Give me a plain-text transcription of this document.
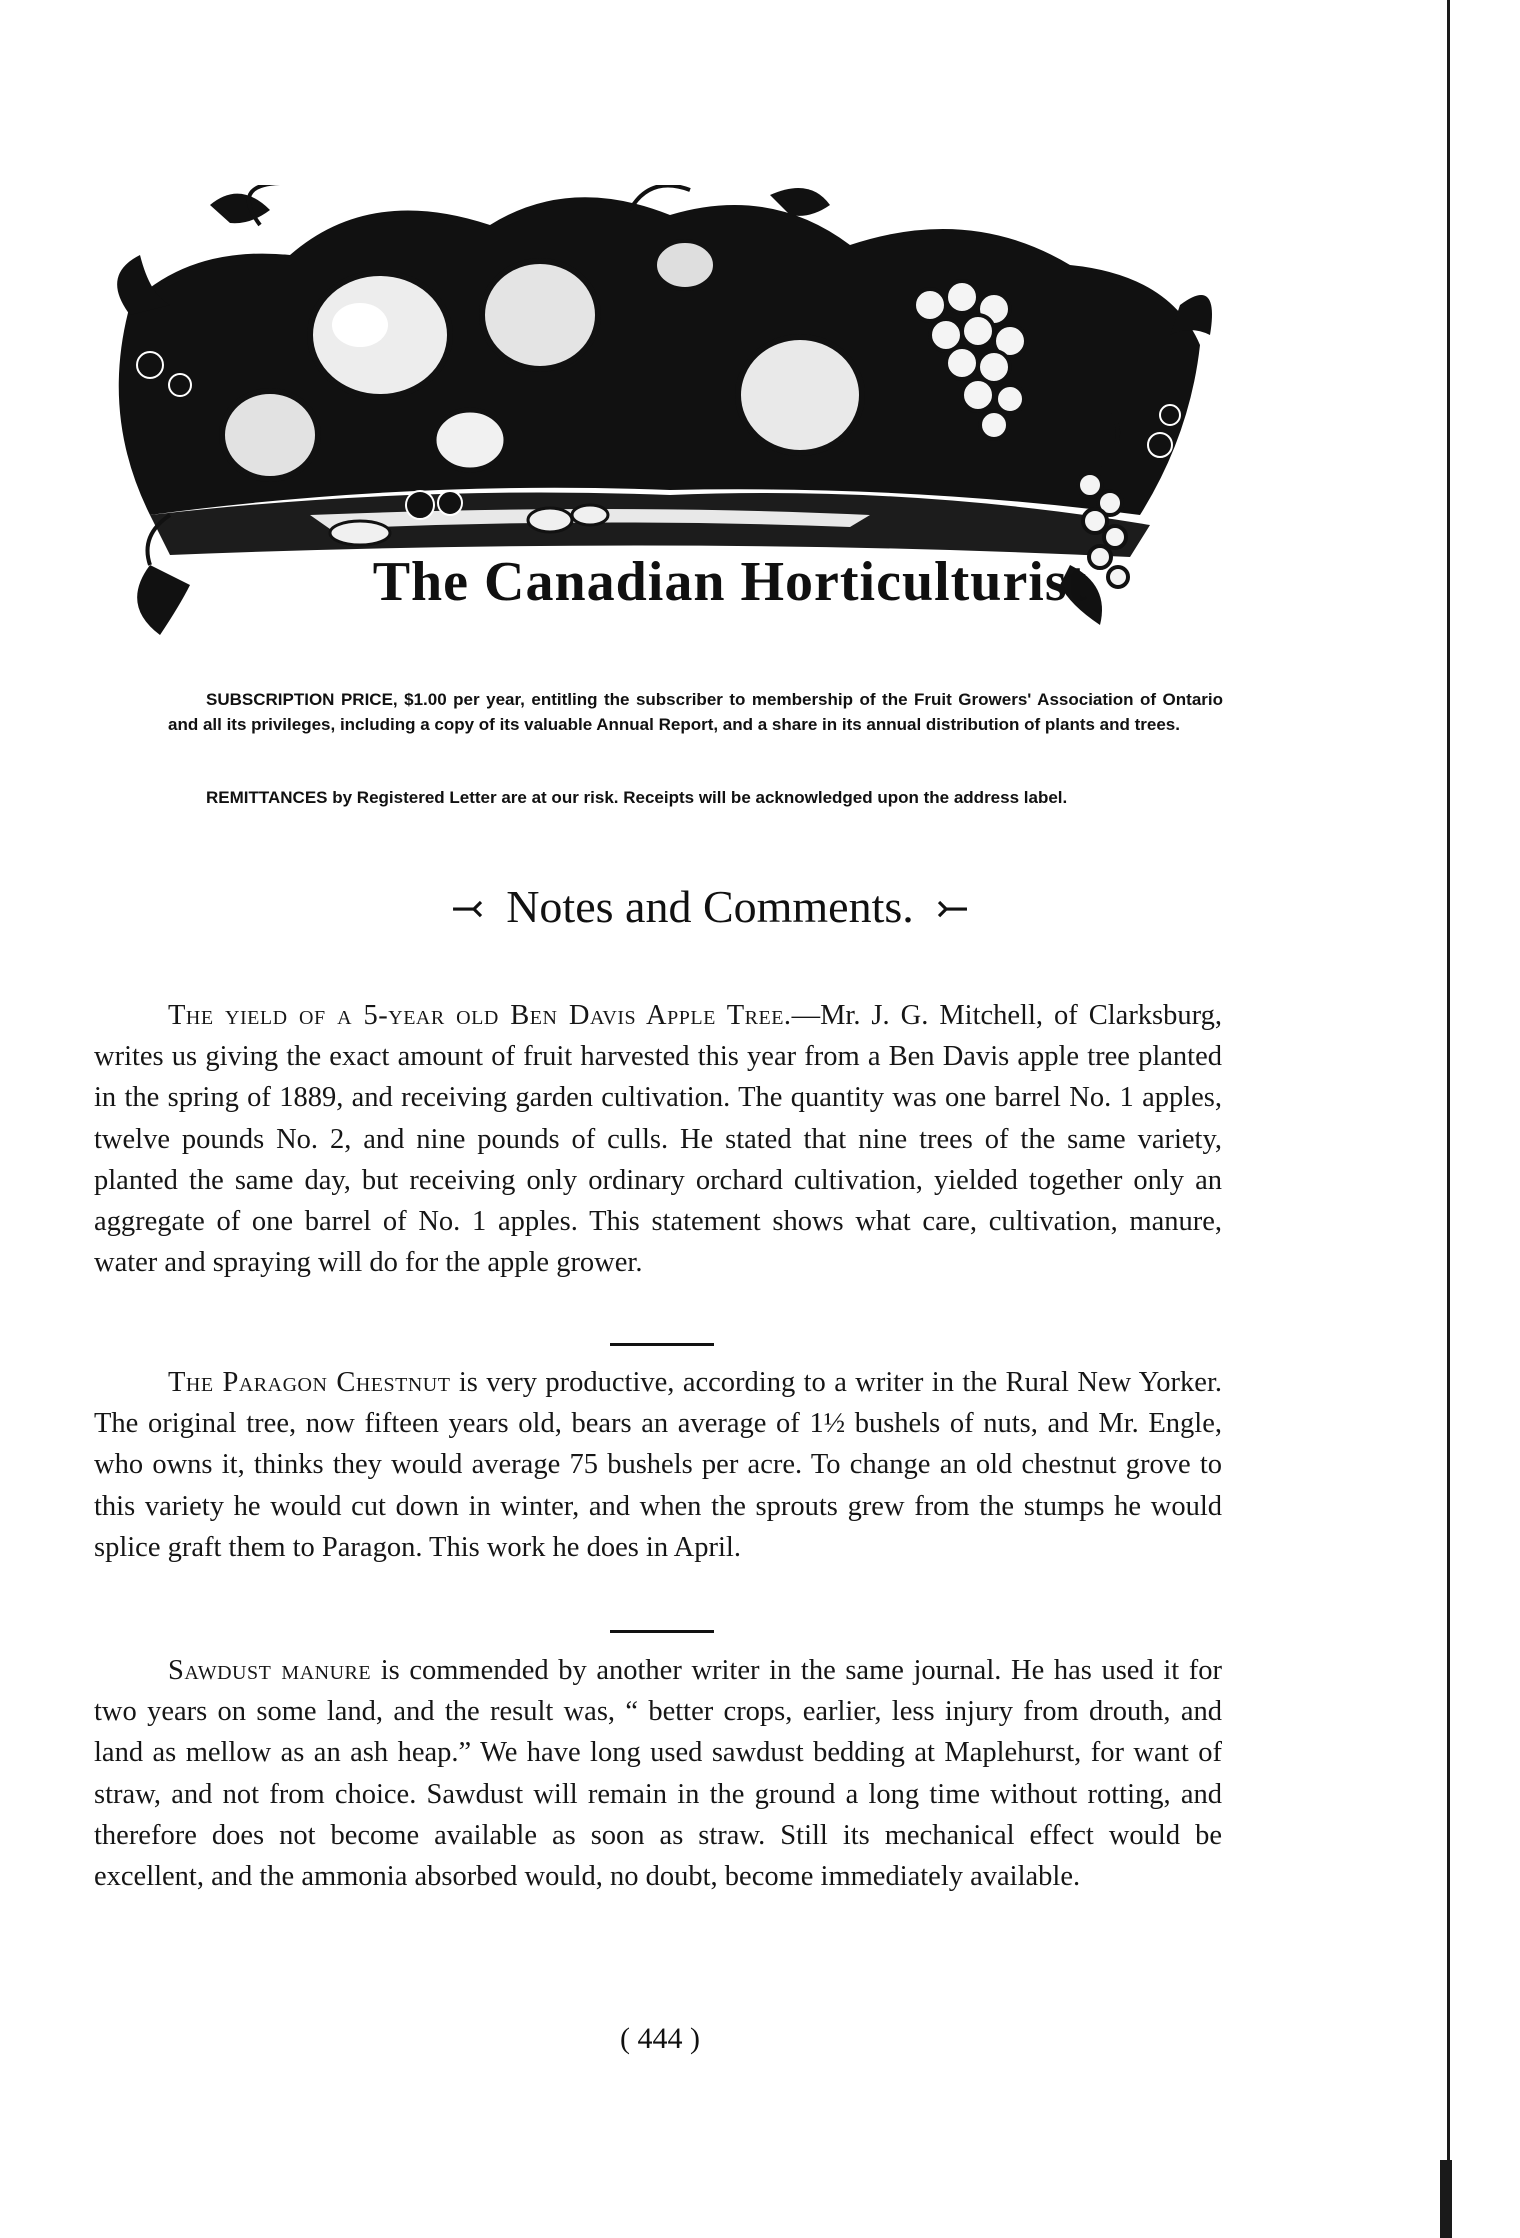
The Canadian Horticulturist
SUBSCRIPTION PRICE, $1.00 per year, entitling the subscriber to membership of the Fruit Growers' Association of Ontario and all its privileges, including a copy of its valuable Annual Report, and a share in its annual distribution of plants and trees.
REMITTANCES by Registered Letter are at our risk. Receipts will be acknowledged upon the address label.
⤙ Notes and Comments. ⤚
The yield of a 5-year old Ben Davis Apple Tree.—Mr. J. G. Mitchell, of Clarksburg, writes us giving the exact amount of fruit harvested this year from a Ben Davis apple tree planted in the spring of 1889, and receiving garden cultivation. The quantity was one barrel No. 1 apples, twelve pounds No. 2, and nine pounds of culls. He stated that nine trees of the same variety, planted the same day, but receiving only ordinary orchard cultivation, yielded together only an aggregate of one barrel of No. 1 apples. This statement shows what care, cultivation, manure, water and spraying will do for the apple grower.
The Paragon Chestnut is very productive, according to a writer in the Rural New Yorker. The original tree, now fifteen years old, bears an average of 1½ bushels of nuts, and Mr. Engle, who owns it, thinks they would average 75 bushels per acre. To change an old chestnut grove to this variety he would cut down in winter, and when the sprouts grew from the stumps he would splice graft them to Paragon. This work he does in April.
Sawdust manure is commended by another writer in the same journal. He has used it for two years on some land, and the result was, “ better crops, earlier, less injury from drouth, and land as mellow as an ash heap.” We have long used sawdust bedding at Maplehurst, for want of straw, and not from choice. Sawdust will remain in the ground a long time without rotting, and therefore does not become available as soon as straw. Still its mechanical effect would be excellent, and the ammonia absorbed would, no doubt, become immediately available.
( 444 )
